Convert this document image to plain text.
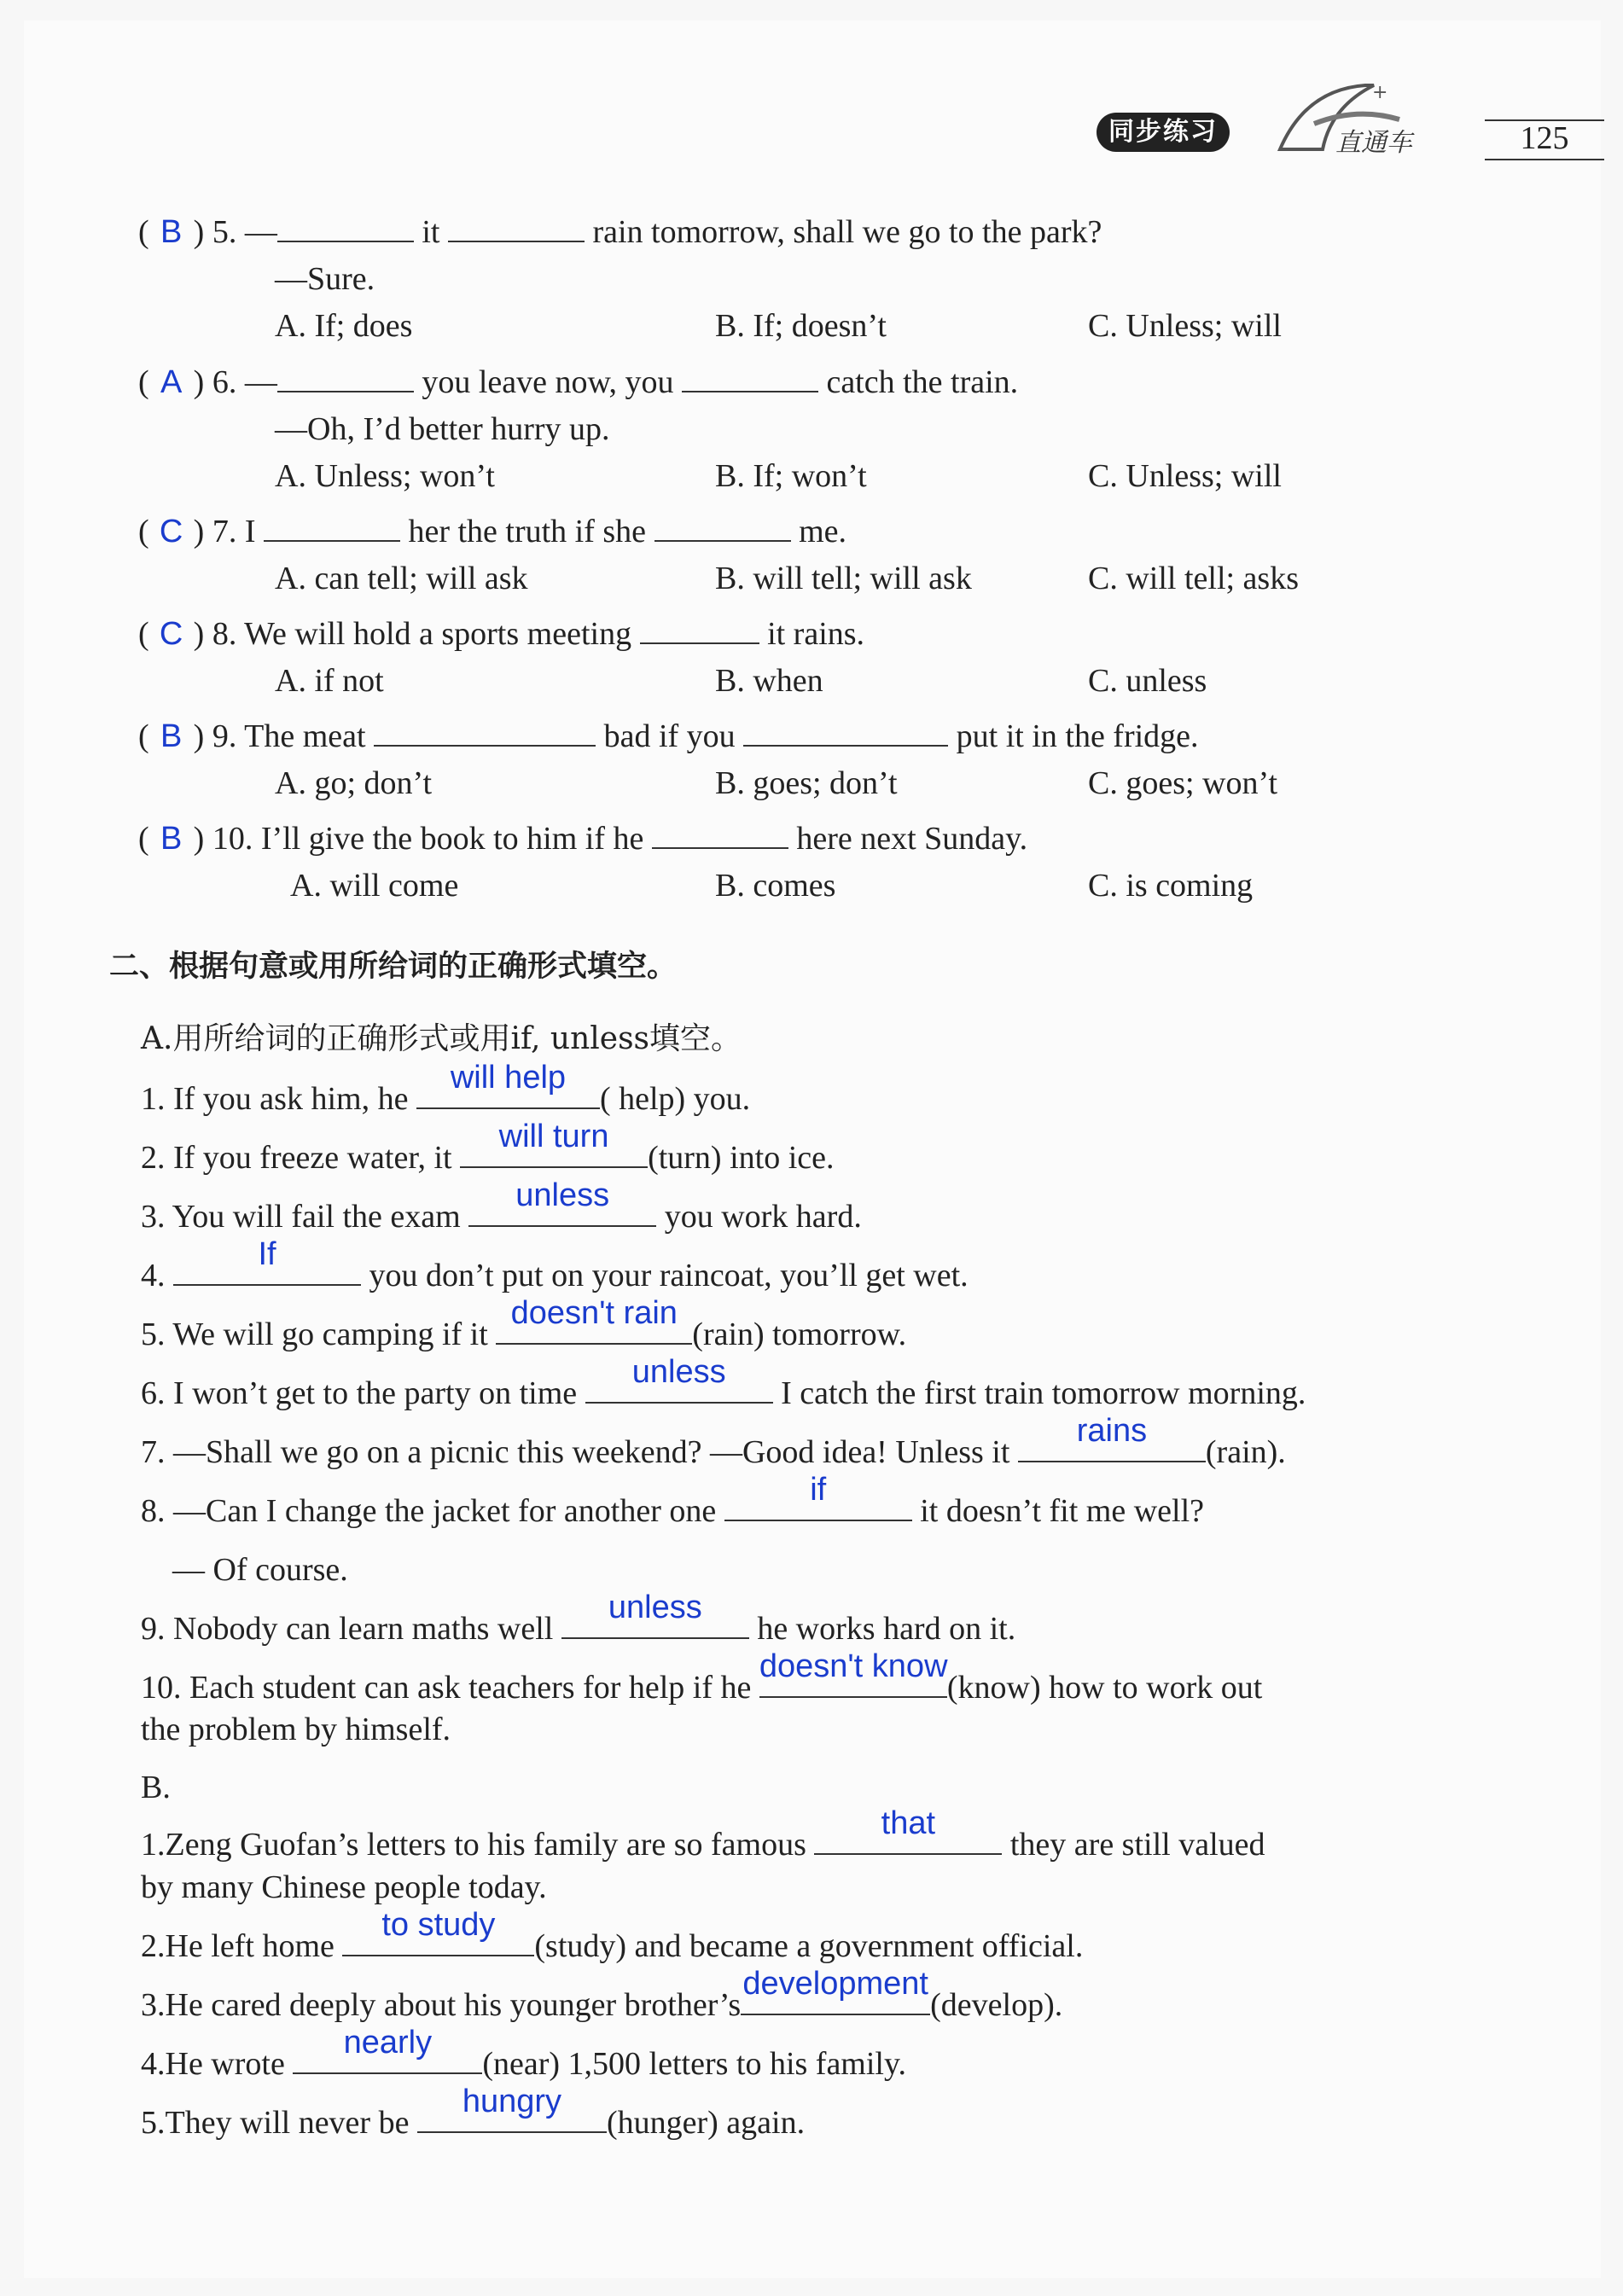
同步练习
+
直通车	125
( B ) 5. —	it	rain tomorrow, shall we go to the park?
—Sure.
A. If; does	B. If; doesn’t	C. Unless; will
( A ) 6. —	you leave now, you	catch the train.
—Oh, I’d better hurry up.
A. Unless; won’t	B. If; won’t	C. Unless; will
( C ) 7. I	her the truth if she	me.
A. can tell; will ask	B. will tell; will ask	C. will tell; asks
( C ) 8. We will hold a sports meeting	it rains.
A. if not	B. when	C. unless
( B ) 9. The meat	bad if you	put it in the fridge.
A. go; don’t	B. goes; don’t	C. goes; won’t
( B ) 10. I’ll give the book to him if he	here next Sunday.
A. will come	B. comes	C. is coming
二、根据句意或用所给词的正确形式填空。
A.用所给词的正确形式或用if, unless填空。
1. If you ask him, he
will help
( help) you.
2. If you freeze water, it
will turn
(turn) into ice.
3. You will fail the exam
unless
you work hard.
4.
If
you don’t put on your raincoat, you’ll get wet.
5. We will go camping if it
doesn't rain
(rain) tomorrow.
6. I won’t get to the party on time
unless
I catch the first train tomorrow morning.
7. —Shall we go on a picnic this weekend? —Good idea! Unless it
rains
(rain).
8. —Can I change the jacket for another one
if
it doesn’t fit me well?
— Of course.
9. Nobody can learn maths well
unless
he works hard on it.
10. Each student can ask teachers for help if he
doesn't know
(know) how to work out
the problem by himself.
B.
1.Zeng Guofan’s letters to his family are so famous
that
they are still valued
by many Chinese people today.
2.He left home
to study
(study) and became a government official.
3.He cared deeply about his younger brother’s
development
(develop).
4.He wrote
nearly
(near) 1,500 letters to his family.
5.They will never be
hungry
(hunger) again.
